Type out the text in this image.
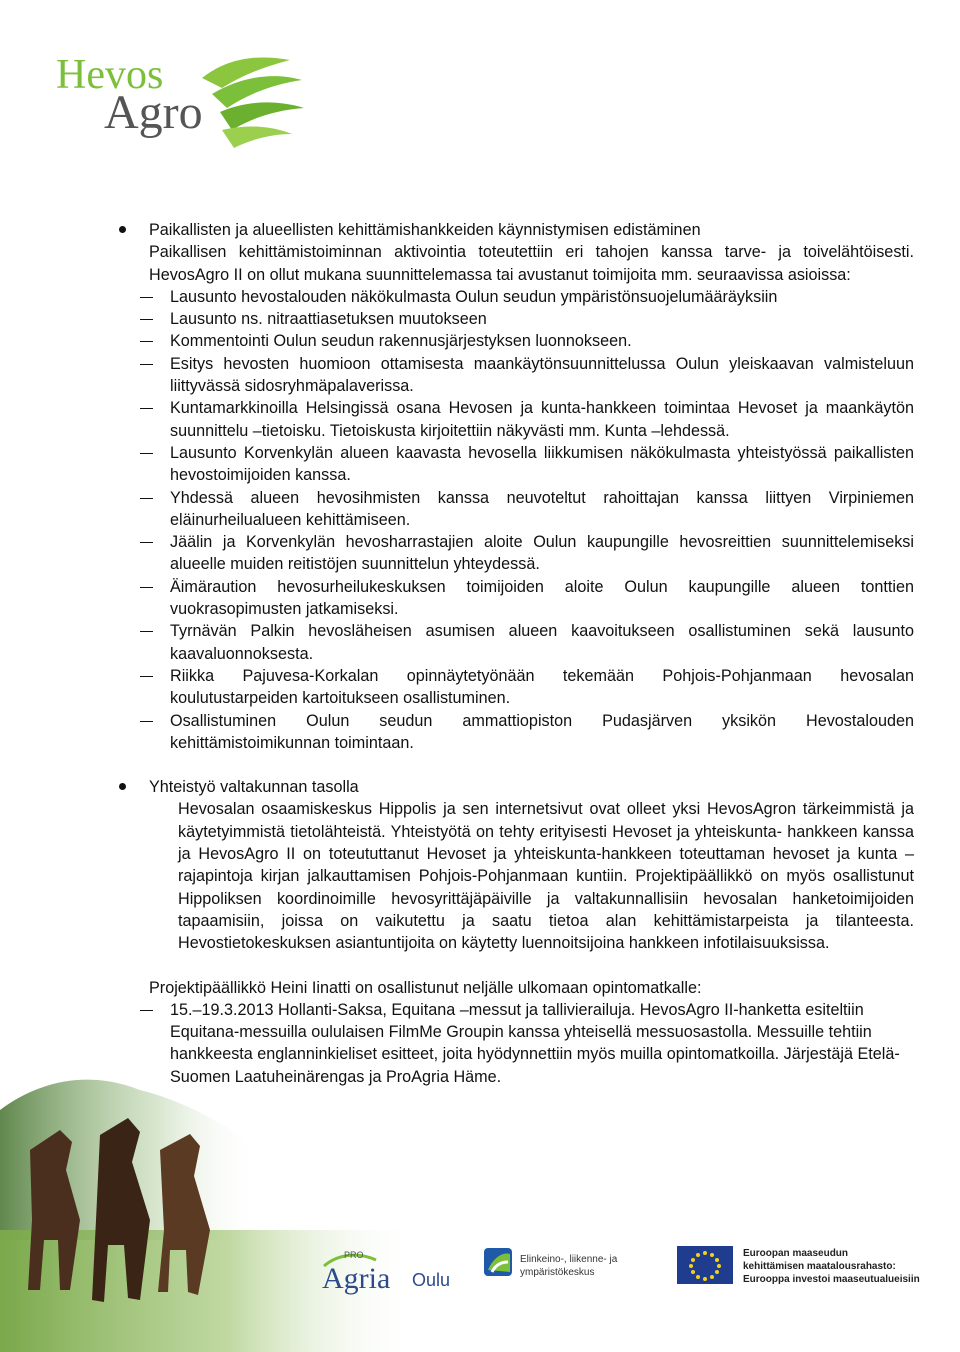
Hevos
Agro
Paikallisten ja alueellisten kehittämishankkeiden käynnistymisen edistäminen
Paikallisen kehittämistoiminnan aktivointia toteutettiin eri tahojen kanssa tarve- ja toivelähtöisesti. HevosAgro II on ollut mukana suunnittelemassa tai avustanut toimijoita mm. seuraavissa asioissa:
Lausunto hevostalouden näkökulmasta Oulun seudun ympäristönsuojelumääräyksiin
Lausunto ns. nitraattiasetuksen muutokseen
Kommentointi Oulun seudun rakennusjärjestyksen luonnokseen.
Esitys hevosten huomioon ottamisesta maankäytönsuunnittelussa Oulun yleiskaavan valmisteluun liittyvässä sidosryhmäpalaverissa.
Kuntamarkkinoilla Helsingissä osana Hevosen ja kunta-hankkeen toimintaa Hevoset ja maankäytön suunnittelu –tietoisku. Tietoiskusta kirjoitettiin näkyvästi mm. Kunta –lehdessä.
Lausunto Korvenkylän alueen kaavasta hevosella liikkumisen näkökulmasta yhteistyössä paikallisten hevostoimijoiden kanssa.
Yhdessä alueen hevosihmisten kanssa neuvoteltut rahoittajan kanssa liittyen Virpiniemen eläinurheilualueen kehittämiseen.
Jäälin ja Korvenkylän hevosharrastajien aloite Oulun kaupungille hevosreittien suunnittelemiseksi alueelle muiden reitistöjen suunnittelun yhteydessä.
Äimäraution hevosurheilukeskuksen toimijoiden aloite Oulun kaupungille alueen tonttien vuokrasopimusten jatkamiseksi.
Tyrnävän Palkin hevosläheisen asumisen alueen kaavoitukseen osallistuminen sekä lausunto kaavaluonnoksesta.
Riikka Pajuvesa-Korkalan opinnäytetyönään tekemään Pohjois-Pohjanmaan hevosalan koulutustarpeiden kartoitukseen osallistuminen.
Osallistuminen Oulun seudun ammattiopiston Pudasjärven yksikön Hevostalouden kehittämistoimikunnan toimintaan.
Yhteistyö valtakunnan tasolla
Hevosalan osaamiskeskus Hippolis ja sen internetsivut ovat olleet yksi HevosAgron tärkeimmistä ja käytetyimmistä tietolähteistä. Yhteistyötä on tehty erityisesti Hevoset ja yhteiskunta- hankkeen kanssa ja HevosAgro II on toteututtanut Hevoset ja yhteiskunta-hankkeen toteuttaman hevoset ja kunta – rajapintoja kirjan jalkauttamisen Pohjois-Pohjanmaan kuntiin. Projektipäällikkö on myös osallistunut Hippoliksen koordinoimille hevosyrittäjäpäiville ja valtakunnallisiin hevosalan hanketoimijoiden tapaamisiin, joissa on vaikutettu ja saatu tietoa alan kehittämistarpeista ja tilanteesta. Hevostietokeskuksen asiantuntijoita on käytetty luennoitsijoina hankkeen infotilaisuuksissa.
Projektipäällikkö Heini Iinatti on osallistunut neljälle ulkomaan opintomatkalle:
15.–19.3.2013 Hollanti-Saksa, Equitana –messut ja tallivierailuja. HevosAgro II-hanketta esiteltiin Equitana-messuilla oululaisen FilmMe Groupin kanssa yhteisellä messuosastolla. Messuille tehtiin hankkeesta englanninkieliset esitteet, joita hyödynnettiin myös muilla opintomatkoilla. Järjestäjä Etelä-Suomen Laatuheinärengas ja ProAgria Häme.
PRO
Agria Oulu
Elinkeino-, liikenne- ja
ympäristökeskus
Euroopan maaseudun
kehittämisen maatalousrahasto:
Eurooppa investoi maaseutualueisiin
